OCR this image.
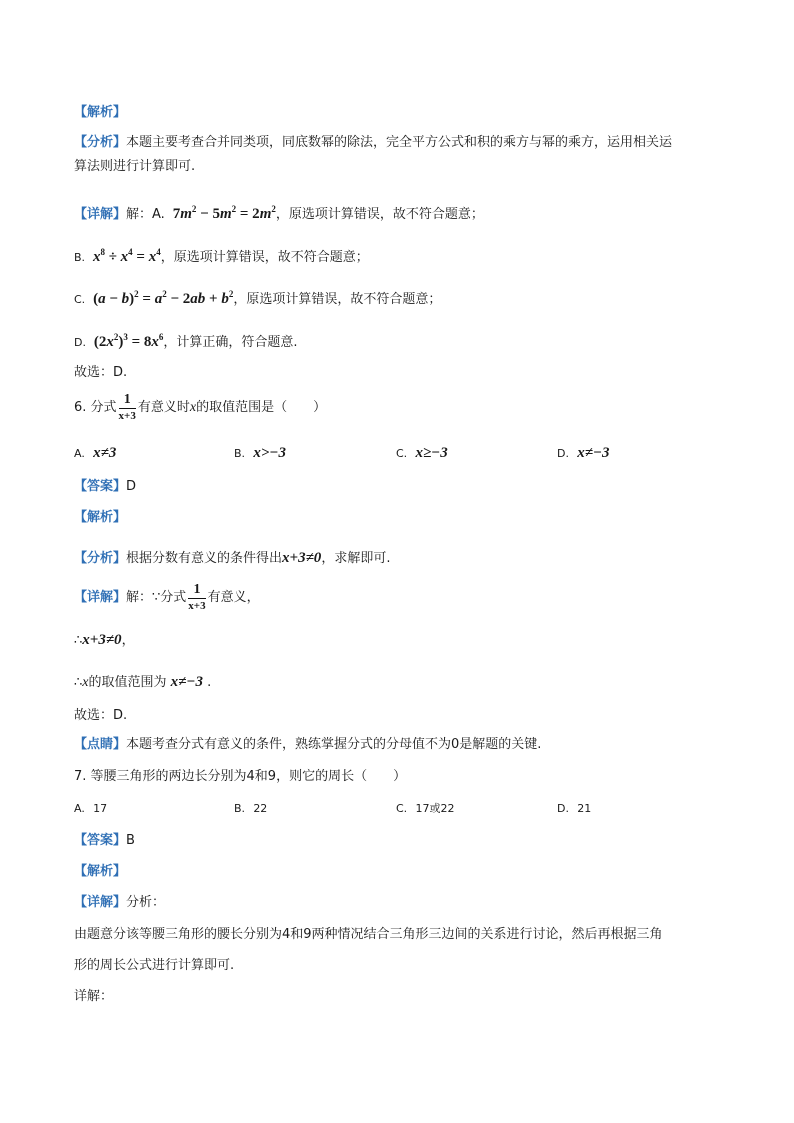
【解析】
【分析】本题主要考查合并同类项，同底数幂的除法，完全平方公式和积的乘方与幂的乘方，运用相关运
算法则进行计算即可.
【详解】解：A.  $7m^2 - 5m^2 = 2m^2$，原选项计算错误，故不符合题意；
B. $x^8 \div x^4 = x^4$，原选项计算错误，故不符合题意；
C.  $(a - b)^2 = a^2 - 2ab + b^2$，原选项计算错误，故不符合题意；
D.  $(2x^2)^3 = 8x^6$，计算正确，符合题意.
故选：D.
6. 分式 $\frac{1}{x+3}$ 有意义时x的取值范围是（　　）
A. x≠3	B. x>−3	C. x≥−3	D. x≠−3
【答案】D
【解析】
【分析】根据分数有意义的条件得出x+3≠0，求解即可.
【详解】解：∵分式 $\frac{1}{x+3}$ 有意义，
∴x+3≠0，
∴x的取值范围为 x≠−3 .
故选：D.
【点睛】本题考查分式有意义的条件，熟练掌握分式的分母值不为0是解题的关键.
7. 等腰三角形的两边长分别为4和9，则它的周长（　　）
A. 17	B. 22	C. 17或22	D. 21
【答案】B
【解析】
【详解】分析：
由题意分该等腰三角形的腰长分别为4和9两种情况结合三角形三边间的关系进行讨论，然后再根据三角
形的周长公式进行计算即可.
详解：
